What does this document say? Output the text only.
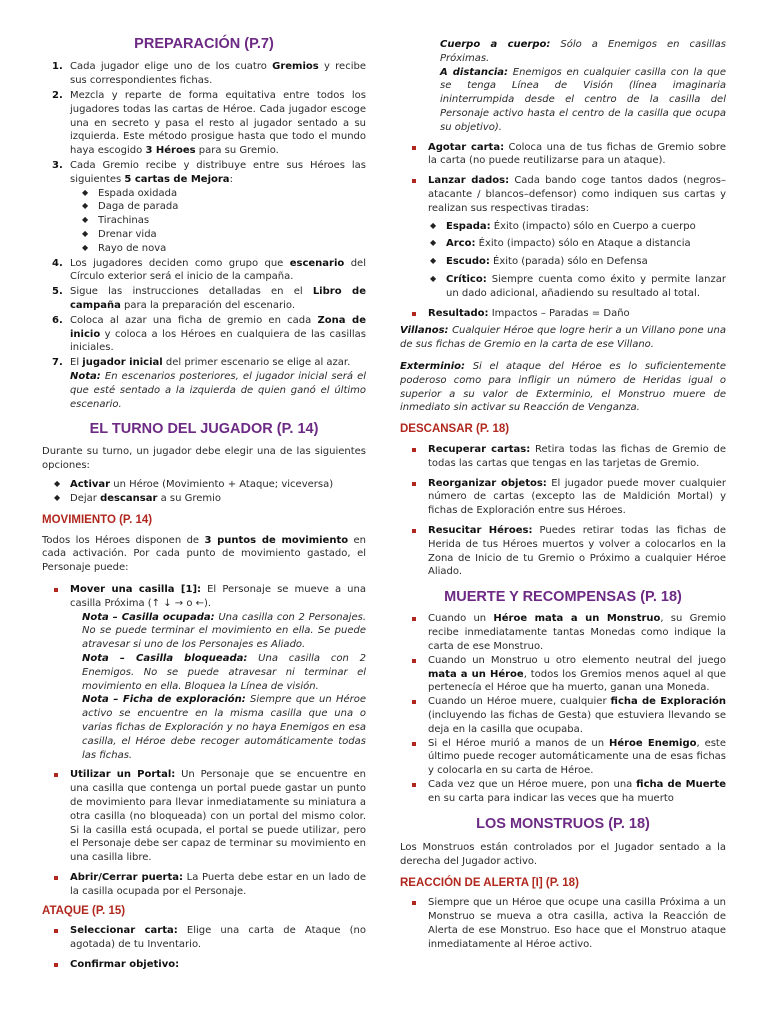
PREPARACIÓN (P.7)
1. Cada jugador elige uno de los cuatro Gremios y recibe sus correspondientes fichas.
2. Mezcla y reparte de forma equitativa entre todos los jugadores todas las cartas de Héroe. Cada jugador escoge una en secreto y pasa el resto al jugador sentado a su izquierda. Este método prosigue hasta que todo el mundo haya escogido 3 Héroes para su Gremio.
3. Cada Gremio recibe y distribuye entre sus Héroes las siguientes 5 cartas de Mejora:
◆ Espada oxidada
◆ Daga de parada
◆ Tirachinas
◆ Drenar vida
◆ Rayo de nova
4. Los jugadores deciden como grupo que escenario del Círculo exterior será el inicio de la campaña.
5. Sigue las instrucciones detalladas en el Libro de campaña para la preparación del escenario.
6. Coloca al azar una ficha de gremio en cada Zona de inicio y coloca a los Héroes en cualquiera de las casillas iniciales.
7. El jugador inicial del primer escenario se elige al azar.
Nota: En escenarios posteriores, el jugador inicial será el que esté sentado a la izquierda de quien ganó el último escenario.
EL TURNO DEL JUGADOR (P. 14)

Durante su turno, un jugador debe elegir una de las siguientes opciones:

◆ Activar un Héroe (Movimiento + Ataque; viceversa)
◆ Dejar descansar a su Gremio
MOVIMIENTO (P. 14)

Todos los Héroes disponen de 3 puntos de movimiento en cada activación. Por cada punto de movimiento gastado, el Personaje puede:

Mover una casilla [1]: El Personaje se mueve a una casilla Próxima (↑ ↓ → o ←).
Nota – Casilla ocupada: Una casilla con 2 Personajes. No se puede terminar el movimiento en ella. Se puede atravesar si uno de los Personajes es Aliado.
Nota – Casilla bloqueada: Una casilla con 2 Enemigos. No se puede atravesar ni terminar el movimiento en ella. Bloquea la Línea de visión.
Nota – Ficha de exploración: Siempre que un Héroe activo se encuentre en la misma casilla que una o varias fichas de Exploración y no haya Enemigos en esa casilla, el Héroe debe recoger automáticamente todas las fichas.
Utilizar un Portal: Un Personaje que se encuentre en una casilla que contenga un portal puede gastar un punto de movimiento para llevar inmediatamente su miniatura a otra casilla (no bloqueada) con un portal del mismo color. Si la casilla está ocupada, el portal se puede utilizar, pero el Personaje debe ser capaz de terminar su movimiento en una casilla libre.
Abrir/Cerrar puerta: La Puerta debe estar en un lado de la casilla ocupada por el Personaje.
ATAQUE (P. 15)
Seleccionar carta: Elige una carta de Ataque (no agotada) de tu Inventario.
Confirmar objetivo:
Cuerpo a cuerpo: Sólo a Enemigos en casillas Próximas.
A distancia: Enemigos en cualquier casilla con la que se tenga Línea de Visión (línea imaginaria ininterrumpida desde el centro de la casilla del Personaje activo hasta el centro de la casilla que ocupa su objetivo).
Agotar carta: Coloca una de tus fichas de Gremio sobre la carta (no puede reutilizarse para un ataque).
Lanzar dados: Cada bando coge tantos dados (negros–atacante / blancos–defensor) como indiquen sus cartas y realizan sus respectivas tiradas:
◆ Espada: Éxito (impacto) sólo en Cuerpo a cuerpo
◆ Arco: Éxito (impacto) sólo en Ataque a distancia
◆ Escudo: Éxito (parada) sólo en Defensa
◆ Crítico: Siempre cuenta como éxito y permite lanzar un dado adicional, añadiendo su resultado al total.
Resultado: Impactos – Paradas = Daño

Villanos: Cualquier Héroe que logre herir a un Villano pone una de sus fichas de Gremio en la carta de ese Villano.

Exterminio: Si el ataque del Héroe es lo suficientemente poderoso como para infligir un número de Heridas igual o superior a su valor de Exterminio, el Monstruo muere de inmediato sin activar su Reacción de Venganza.

DESCANSAR (P. 18)
Recuperar cartas: Retira todas las fichas de Gremio de todas las cartas que tengas en las tarjetas de Gremio.
Reorganizar objetos: El jugador puede mover cualquier número de cartas (excepto las de Maldición Mortal) y fichas de Exploración entre sus Héroes.
Resucitar Héroes: Puedes retirar todas las fichas de Herida de tus Héroes muertos y volver a colocarlos en la Zona de Inicio de tu Gremio o Próximo a cualquier Héroe Aliado.
MUERTE Y RECOMPENSAS (P. 18)
Cuando un Héroe mata a un Monstruo, su Gremio recibe inmediatamente tantas Monedas como indique la carta de ese Monstruo.
Cuando un Monstruo u otro elemento neutral del juego mata a un Héroe, todos los Gremios menos aquel al que pertenecía el Héroe que ha muerto, ganan una Moneda.
Cuando un Héroe muere, cualquier ficha de Exploración (incluyendo las fichas de Gesta) que estuviera llevando se deja en la casilla que ocupaba.
Si el Héroe murió a manos de un Héroe Enemigo, este último puede recoger automáticamente una de esas fichas y colocarla en su carta de Héroe.
Cada vez que un Héroe muere, pon una ficha de Muerte en su carta para indicar las veces que ha muerto
LOS MONSTRUOS (P. 18)

Los Monstruos están controlados por el Jugador sentado a la derecha del Jugador activo.

REACCIÓN DE ALERTA [I] (P. 18)
Siempre que un Héroe que ocupe una casilla Próxima a un Monstruo se mueva a otra casilla, activa la Reacción de Alerta de ese Monstruo. Eso hace que el Monstruo ataque inmediatamente al Héroe activo.
